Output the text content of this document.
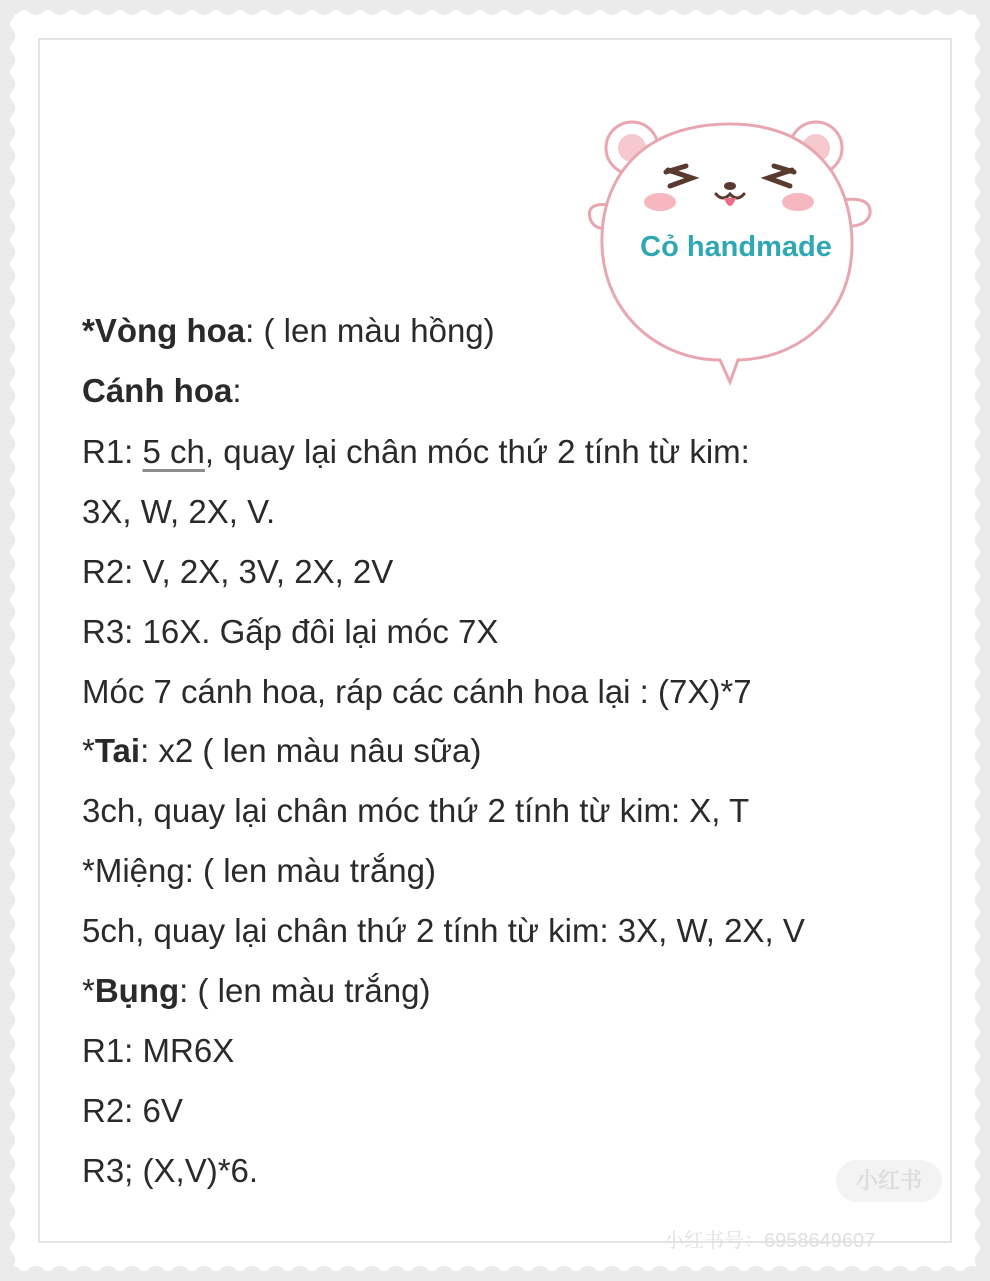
Cỏ handmade
*Vòng hoa: ( len màu hồng)
Cánh hoa:
R1: 5 ch, quay lại chân móc thứ 2 tính từ kim:
3X, W, 2X, V.
R2: V, 2X, 3V, 2X, 2V
R3: 16X. Gấp đôi lại móc 7X
Móc 7 cánh hoa, ráp các cánh hoa lại : (7X)*7
*Tai: x2 ( len màu nâu sữa)
3ch, quay lại chân móc thứ 2 tính từ kim: X, T
*Miệng: ( len màu trắng)
5ch, quay lại chân thứ 2 tính từ kim: 3X, W, 2X, V
*Bụng: ( len màu trắng)
R1: MR6X
R2: 6V
R3; (X,V)*6.	小红书
小红书号：6958649607
